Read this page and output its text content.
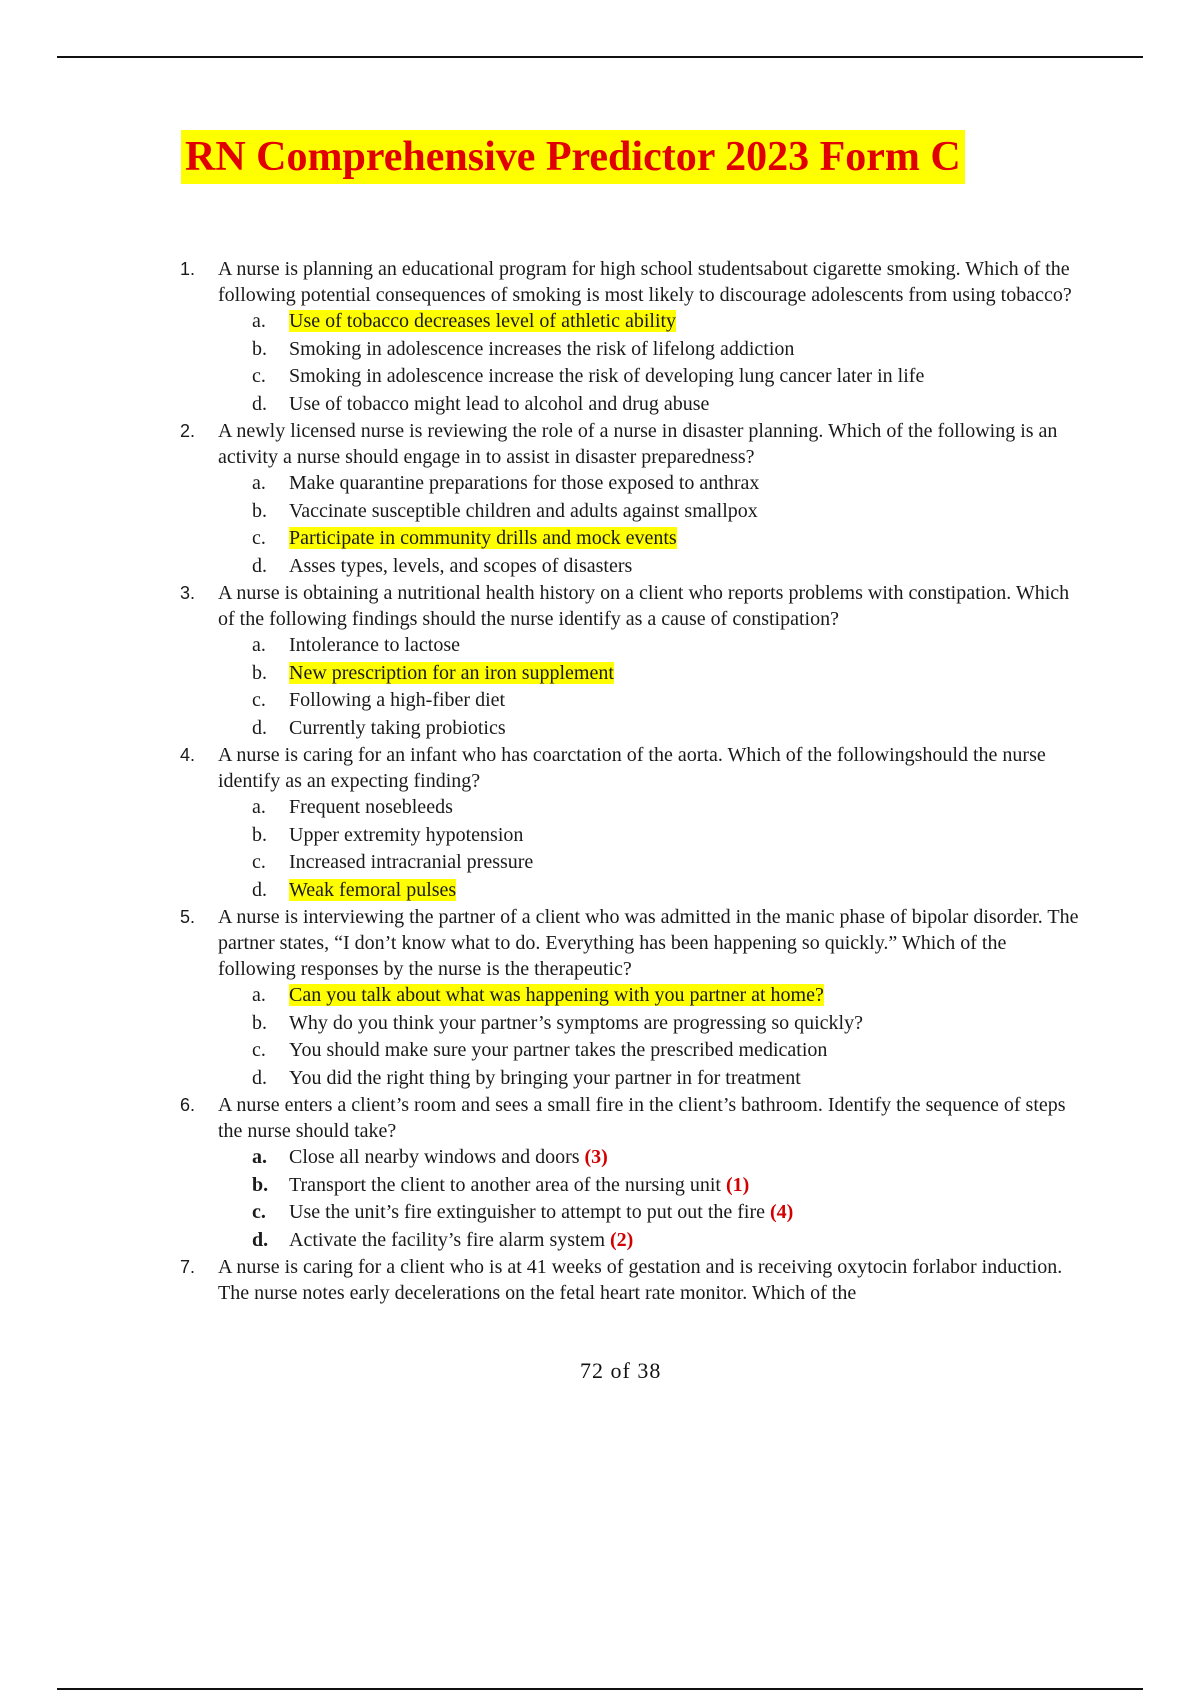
RN Comprehensive Predictor 2023 Form C
1. A nurse is planning an educational program for high school studentsabout cigarette smoking. Which of the following potential consequences of smoking is most likely to discourage adolescents from using tobacco?
a. Use of tobacco decreases level of athletic ability
b. Smoking in adolescence increases the risk of lifelong addiction
c. Smoking in adolescence increase the risk of developing lung cancer later in life
d. Use of tobacco might lead to alcohol and drug abuse
2. A newly licensed nurse is reviewing the role of a nurse in disaster planning. Which of the following is an activity a nurse should engage in to assist in disaster preparedness?
a. Make quarantine preparations for those exposed to anthrax
b. Vaccinate susceptible children and adults against smallpox
c. Participate in community drills and mock events
d. Asses types, levels, and scopes of disasters
3. A nurse is obtaining a nutritional health history on a client who reports problems with constipation. Which of the following findings should the nurse identify as a cause of constipation?
a. Intolerance to lactose
b. New prescription for an iron supplement
c. Following a high-fiber diet
d. Currently taking probiotics
4. A nurse is caring for an infant who has coarctation of the aorta. Which of the followingshould the nurse identify as an expecting finding?
a. Frequent nosebleeds
b. Upper extremity hypotension
c. Increased intracranial pressure
d. Weak femoral pulses
5. A nurse is interviewing the partner of a client who was admitted in the manic phase of bipolar disorder. The partner states, “I don’t know what to do. Everything has been happening so quickly.” Which of the following responses by the nurse is the therapeutic?
a. Can you talk about what was happening with you partner at home?
b. Why do you think your partner’s symptoms are progressing so quickly?
c. You should make sure your partner takes the prescribed medication
d. You did the right thing by bringing your partner in for treatment
6. A nurse enters a client’s room and sees a small fire in the client’s bathroom. Identify the sequence of steps the nurse should take?
a. Close all nearby windows and doors (3)
b. Transport the client to another area of the nursing unit (1)
c. Use the unit’s fire extinguisher to attempt to put out the fire (4)
d. Activate the facility’s fire alarm system (2)
7. A nurse is caring for a client who is at 41 weeks of gestation and is receiving oxytocin forlabor induction. The nurse notes early decelerations on the fetal heart rate monitor. Which of the
72 of 38
